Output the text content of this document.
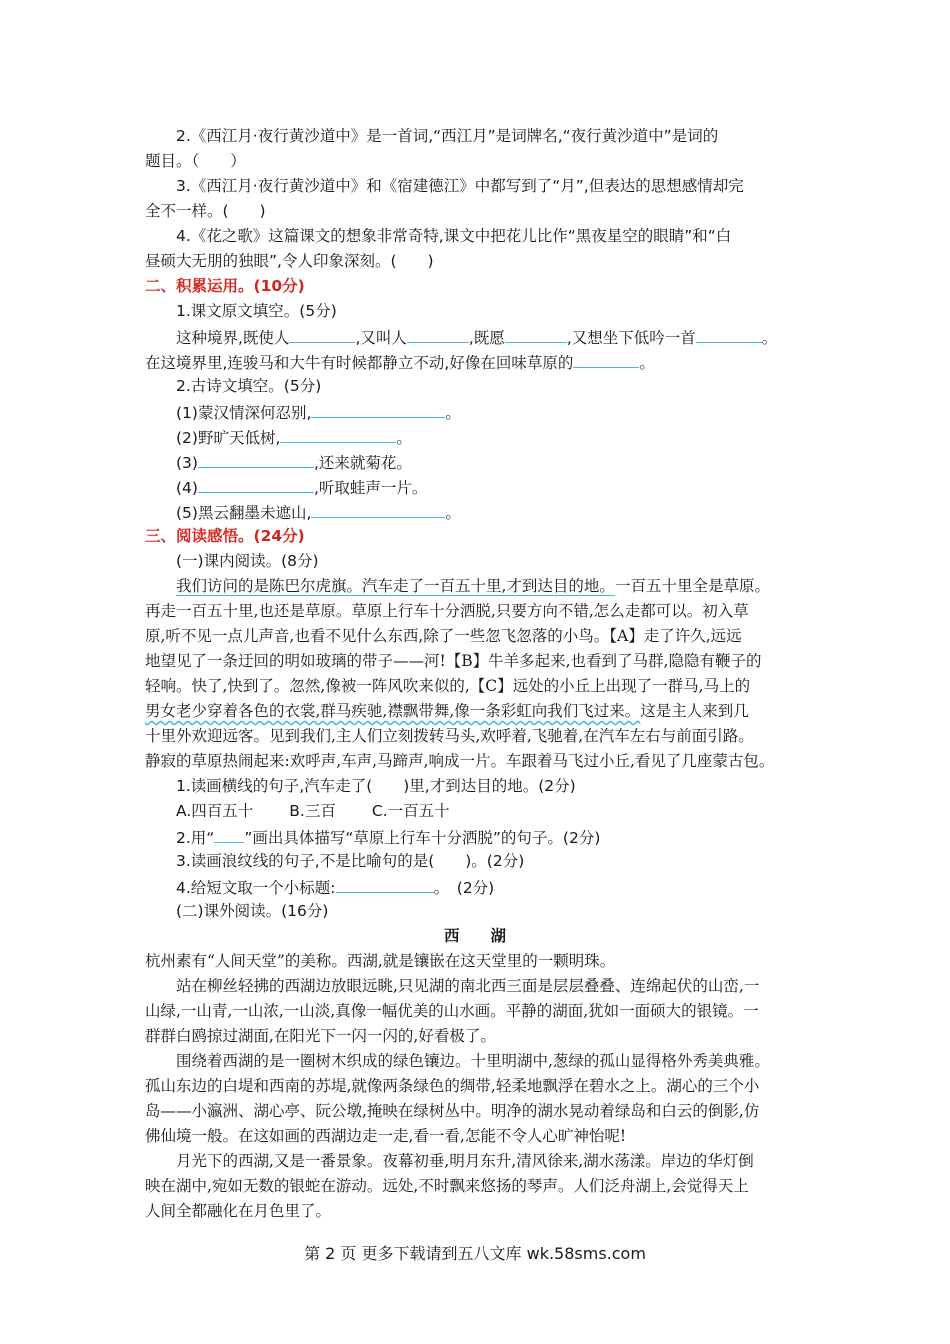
2.《西江月·夜行黄沙道中》是一首词,“西江月”是词牌名,“夜行黄沙道中”是词的
题目。（　　）
3.《西江月·夜行黄沙道中》和《宿建德江》中都写到了“月”,但表达的思想感情却完
全不一样。(　　)
4.《花之歌》这篇课文的想象非常奇特,课文中把花儿比作“黑夜星空的眼睛”和“白
昼硕大无朋的独眼”,令人印象深刻。(　　)
二、积累运用。(10分)
1.课文原文填空。(5分)
这种境界,既使人	,又叫人	,既愿	,又想坐下低吟一首	。
在这境界里,连骏马和大牛有时候都静立不动,好像在回味草原的	。
2.古诗文填空。(5分)
(1)蒙汉情深何忍别,	。
(2)野旷天低树,	。
(3)	,还来就菊花。
(4)	,听取蛙声一片。
(5)黑云翻墨未遮山,	。
三、阅读感悟。(24分)
(一)课内阅读。(8分)
我们访问的是陈巴尔虎旗。汽车走了一百五十里,才到达目的地。一百五十里全是草原。
再走一百五十里,也还是草原。草原上行车十分洒脱,只要方向不错,怎么走都可以。初入草
原,听不见一点儿声音,也看不见什么东西,除了一些忽飞忽落的小鸟。【A】走了许久,远远
地望见了一条迂回的明如玻璃的带子——河!【B】牛羊多起来,也看到了马群,隐隐有鞭子的
轻响。快了,快到了。忽然,像被一阵风吹来似的,【C】远处的小丘上出现了一群马,马上的
男女老少穿着各色的衣裳,群马疾驰,襟飘带舞,像一条彩虹向我们飞过来。这是主人来到几
十里外欢迎远客。见到我们,主人们立刻拨转马头,欢呼着,飞驰着,在汽车左右与前面引路。
静寂的草原热闹起来:欢呼声,车声,马蹄声,响成一片。车跟着马飞过小丘,看见了几座蒙古包。
1.读画横线的句子,汽车走了(　　)里,才到达目的地。(2分)
A.四百五十 B.三百 C.一百五十
2.用“ ”画出具体描写“草原上行车十分洒脱”的句子。(2分)
3.读画浪纹线的句子,不是比喻句的是(　　)。(2分)
4.给短文取一个小标题:	。　(2分)
(二)课外阅读。(16分)
西　　湖
杭州素有“人间天堂”的美称。西湖,就是镶嵌在这天堂里的一颗明珠。
站在柳丝轻拂的西湖边放眼远眺,只见湖的南北西三面是层层叠叠、连绵起伏的山峦,一
山绿,一山青,一山浓,一山淡,真像一幅优美的山水画。平静的湖面,犹如一面硕大的银镜。一
群群白鸥掠过湖面,在阳光下一闪一闪的,好看极了。
围绕着西湖的是一圈树木织成的绿色镶边。十里明湖中,葱绿的孤山显得格外秀美典雅。
孤山东边的白堤和西南的苏堤,就像两条绿色的绸带,轻柔地飘浮在碧水之上。湖心的三个小
岛——小瀛洲、湖心亭、阮公墩,掩映在绿树丛中。明净的湖水晃动着绿岛和白云的倒影,仿
佛仙境一般。在这如画的西湖边走一走,看一看,怎能不令人心旷神怡呢!
月光下的西湖,又是一番景象。夜幕初垂,明月东升,清风徐来,湖水荡漾。岸边的华灯倒
映在湖中,宛如无数的银蛇在游动。远处,不时飘来悠扬的琴声。人们泛舟湖上,会觉得天上
人间全都融化在月色里了。
第 2 页 更多下载请到五八文库 wk.58sms.com
